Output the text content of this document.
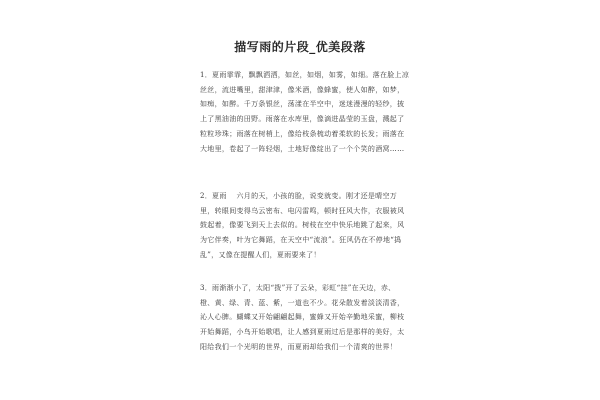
描写雨的片段_优美段落

1．夏雨霏霏，飘飘洒洒，如丝，如烟，如雾，如细。落在脸上凉丝丝，流进嘴里，甜津津，像米酒，像蜂蜜，使人如醉，如梦，如痴，如醉。千万条银丝，荡漾在半空中，迷迷漫漫的轻纱，披上了黑油油的田野。雨落在水库里，像滴进晶莹的玉盘，溅起了粒粒珍珠；雨落在树梢上，像给枝条梳动着柔软的长发；雨落在大地里，卷起了一阵轻烟，土地好像绽出了一个个笑的酒窝……

2．夏雨　 六月的天，小孩的脸，说变就变。刚才还是晴空万里，转眼间变得乌云密布、电闪雷鸣，顿时狂风大作，衣服被风鼓起着，像要飞到天上去似的。树枝在空中快乐地跳了起来，风为它伴奏，叶为它舞蹈，在天空中“流浪”。狂风仍在不停地“捣乱”，又像在提醒人们，夏雨要来了！

3．雨渐渐小了，太阳“拨”开了云朵，彩虹“挂”在天边，赤、橙、黄、绿、青、蓝、紫，一道也不少。花朵散发着淡淡清香，沁人心脾。蝴蝶又开始翩翩起舞，蜜蜂又开始辛勤地采蜜，柳枝开始舞蹈，小鸟开始歌唱，让人感到夏雨过后是那样的美好，太阳给我们一个光明的世界，而夏雨却给我们一个清爽的世界！
